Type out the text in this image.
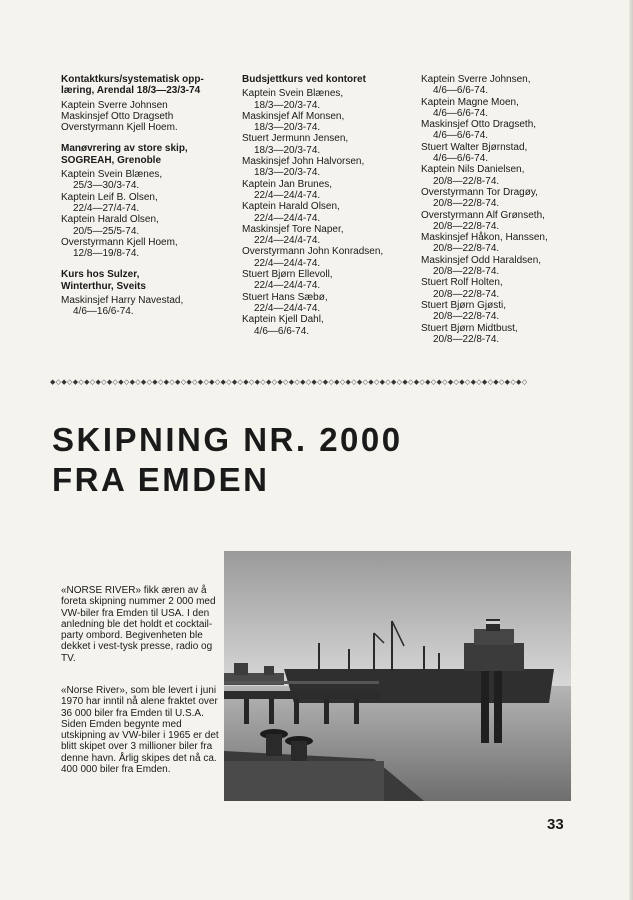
Kontaktkurs/systematisk opp-
læring, Arendal 18/3—23/3-74
Kaptein Sverre Johnsen
Maskinsjef Otto Dragseth
Overstyrmann Kjell Hoem.
Manøvrering av store skip,
SOGREAH, Grenoble
Kaptein Svein Blænes,
25/3—30/3-74.
Kaptein Leif B. Olsen,
22/4—27/4-74.
Kaptein Harald Olsen,
20/5—25/5-74.
Overstyrmann Kjell Hoem,
12/8—19/8-74.
Kurs hos Sulzer,
Winterthur, Sveits
Maskinsjef Harry Navestad,
4/6—16/6-74.
Budsjettkurs ved kontoret
Kaptein Svein Blænes,
18/3—20/3-74.
Maskinsjef Alf Monsen,
18/3—20/3-74.
Stuert Jermunn Jensen,
18/3—20/3-74.
Maskinsjef John Halvorsen,
18/3—20/3-74.
Kaptein Jan Brunes,
22/4—24/4-74.
Kaptein Harald Olsen,
22/4—24/4-74.
Maskinsjef Tore Naper,
22/4—24/4-74.
Overstyrmann John Konradsen,
22/4—24/4-74.
Stuert Bjørn Ellevoll,
22/4—24/4-74.
Stuert Hans Sæbø,
22/4—24/4-74.
Kaptein Kjell Dahl,
4/6—6/6-74.
Kaptein Sverre Johnsen,
4/6—6/6-74.
Kaptein Magne Moen,
4/6—6/6-74.
Maskinsjef Otto Dragseth,
4/6—6/6-74.
Stuert Walter Bjørnstad,
4/6—6/6-74.
Kaptein Nils Danielsen,
20/8—22/8-74.
Overstyrmann Tor Dragøy,
20/8—22/8-74.
Overstyrmann Alf Grønseth,
20/8—22/8-74.
Maskinsjef Håkon, Hanssen,
20/8—22/8-74.
Maskinsjef Odd Haraldsen,
20/8—22/8-74.
Stuert Rolf Holten,
20/8—22/8-74.
Stuert Bjørn Gjøsti,
20/8—22/8-74.
Stuert Bjørn Midtbust,
20/8—22/8-74.
◆◇◆◇◆◇◆◇◆◇◆◇◆◇◆◇◆◇◆◇◆◇◆◇◆◇◆◇◆◇◆◇◆◇◆◇◆◇◆◇◆◇◆◇◆◇◆◇◆◇◆◇◆◇◆◇◆◇◆◇◆◇◆◇◆◇◆◇◆◇◆◇◆◇◆◇◆◇◆◇◆◇◆◇
SKIPNING NR. 2000
FRA EMDEN
«NORSE RIVER» fikk æren av å foreta skipning nummer 2 000 med VW-biler fra Emden til USA. I den anledning ble det holdt et cocktail-party ombord. Begivenheten ble dekket i vest-tysk presse, radio og TV.
«Norse River», som ble levert i juni 1970 har inntil nå alene fraktet over 36 000 biler fra Emden til U.S.A. Siden Emden begynte med utskipning av VW-biler i 1965 er det blitt skipet over 3 millioner biler fra denne havn. Årlig skipes det nå ca. 400 000 biler fra Emden.
33
